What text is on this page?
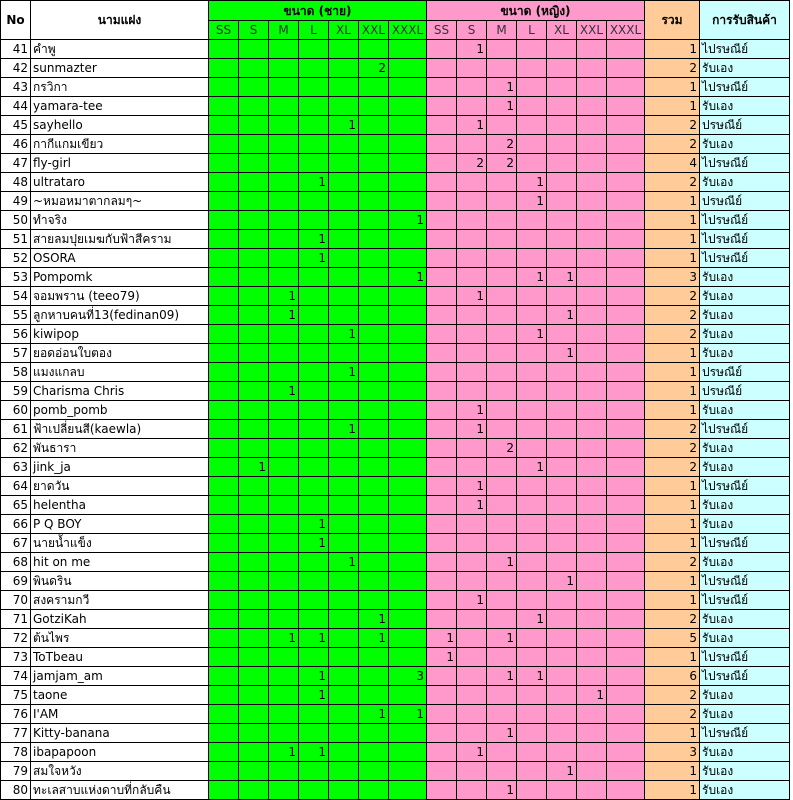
No	นามแฝง	ขนาด (ชาย)							ขนาด (หญิง)							รวม	การรับสินค้า
		SS	S	M	L	XL	XXL	XXXL	SS	S	M	L	XL	XXL	XXXL		
41	คำพู									1						1	ไปรษณีย์
42	sunmazter						2									2	รับเอง
43	กรวิกา										1					1	ไปรษณีย์
44	yamara-tee										1					1	รับเอง
45	sayhello					1				1						2	ปรษณีย์
46	กากีแกมเขียว										2					2	รับเอง
47	fly-girl									2	2					4	ไปรษณีย์
48	ultrataro				1							1				2	รับเอง
49	~หมอหมาตากลมๆ~											1				1	ปรษณีย์
50	ทำจริง							1								1	ไปรษณีย์
51	สายลมปุยเมฆกับฟ้าสีคราม				1											1	ไปรษณีย์
52	OSORA				1											1	ไปรษณีย์
53	Pompomk							1				1	1			3	รับเอง
54	จอมพราน (teeo79)			1						1						2	รับเอง
55	ลูกหาบคนที่13(fedinan09)			1									1			2	รับเอง
56	kiwipop					1						1				2	รับเอง
57	ยอดอ่อนใบตอง												1			1	รับเอง
58	แมงแกลบ					1										1	ปรษณีย์
59	Charisma Chris			1												1	ปรษณีย์
60	pomb_pomb									1						1	รับเอง
61	ฟ้าเปลี่ยนสี(kaewla)					1				1						2	ไปรษณีย์
62	พันธารา										2					2	รับเอง
63	jink_ja		1									1				2	รับเอง
64	ยาดวัน									1						1	ไปรษณีย์
65	helentha									1						1	รับเอง
66	P Q BOY				1											1	รับเอง
67	นายน้ำแข็ง				1											1	ไปรษณีย์
68	hit on me					1					1					2	รับเอง
69	พินดริน												1			1	ไปรษณีย์
70	สงครามกวี									1						1	ไปรษณีย์
71	GotziKah						1					1				2	รับเอง
72	ต้นไพร			1	1		1		1		1					5	รับเอง
73	ToTbeau								1							1	ไปรษณีย์
74	jamjam_am				1			3			1	1				6	ไปรษณีย์
75	taone				1									1		2	รับเอง
76	I'AM						1	1								2	รับเอง
77	Kitty-banana										1					1	ไปรษณีย์
78	ibapapoon			1	1					1						3	รับเอง
79	สมใจหวัง												1			1	รับเอง
80	ทะเลสาบแห่งดาบที่กลับคืน										1					1	รับเอง
